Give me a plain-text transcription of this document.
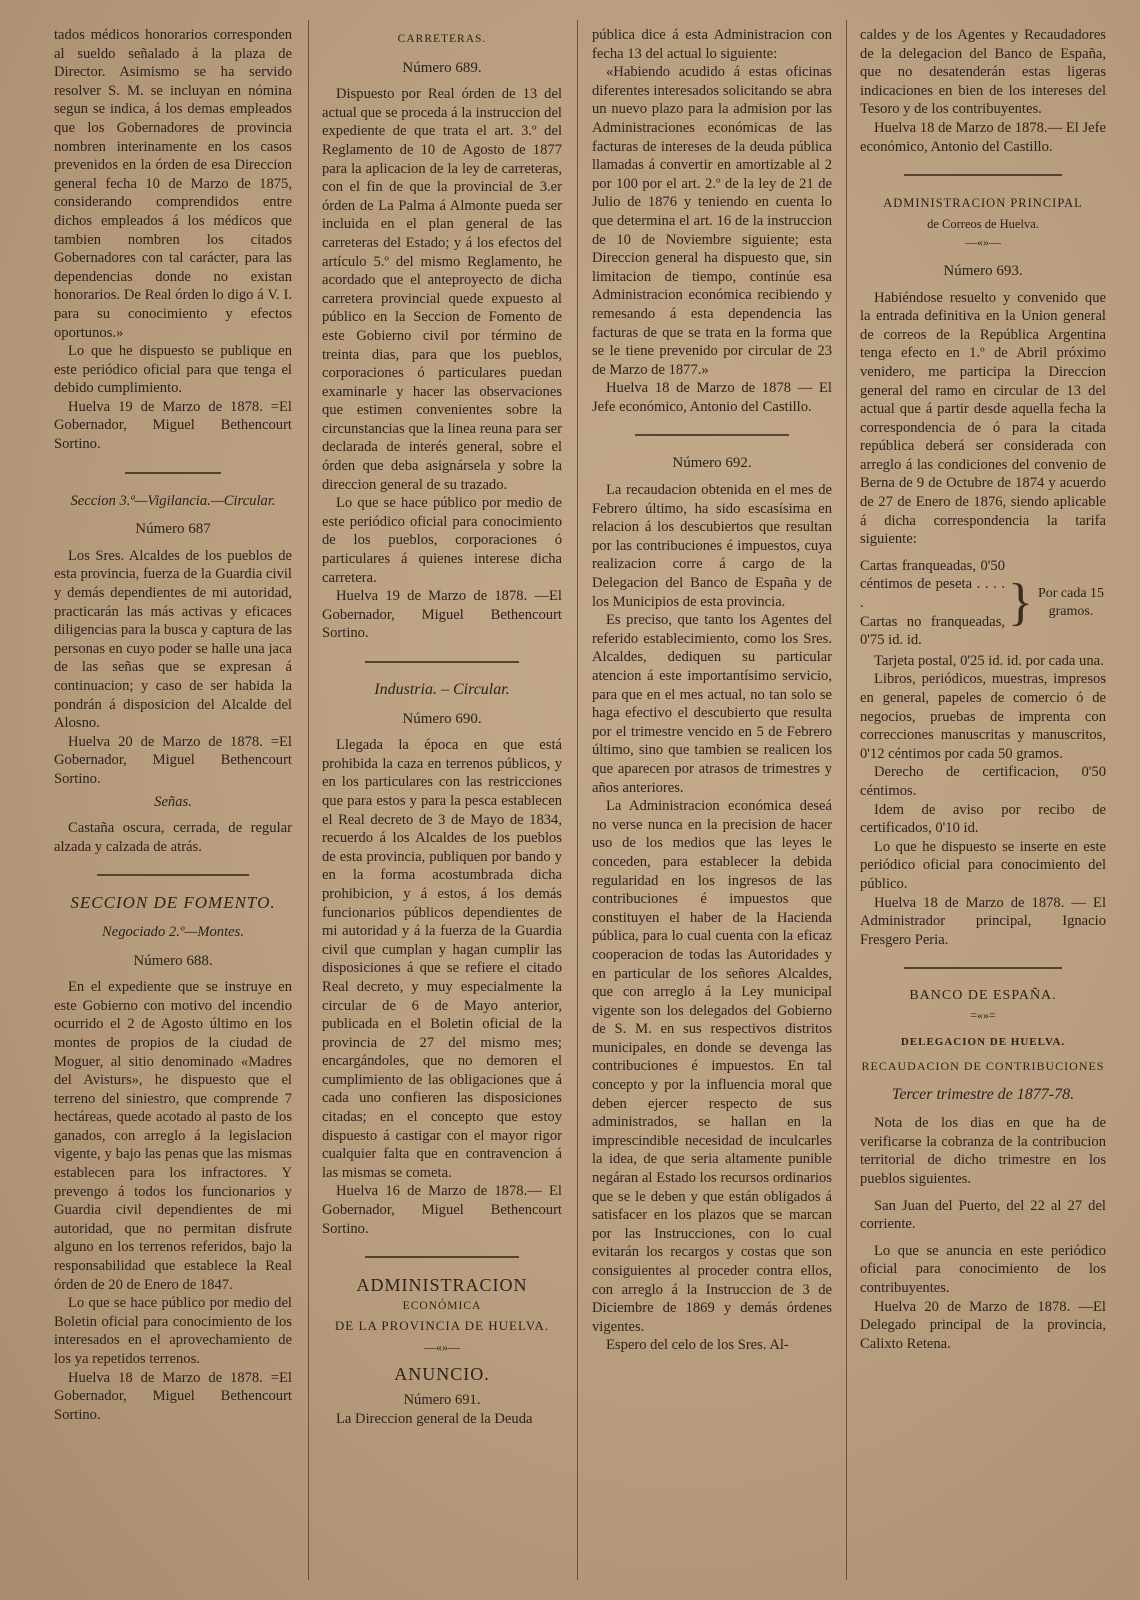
tados médicos honorarios corresponden al sueldo señalado á la plaza de Director. Asimismo se ha servido resolver S. M. se incluyan en nómina segun se indica, á los demas empleados que los Gobernadores de provincia nombren interinamente en los casos prevenidos en la órden de esa Direccion general fecha 10 de Marzo de 1875, considerando comprendidos entre dichos empleados á los médicos que tambien nombren los citados Gobernadores con tal carácter, para las dependencias donde no existan honorarios. De Real órden lo digo á V. I. para su conocimiento y efectos oportunos.»

Lo que he dispuesto se publique en este periódico oficial para que tenga el debido cumplimiento.

Huelva 19 de Marzo de 1878. =El Gobernador, Miguel Bethencourt Sortino.

Seccion 3.ª—Vigilancia.—Circular.
Número 687

Los Sres. Alcaldes de los pueblos de esta provincia, fuerza de la Guardia civil y demás dependientes de mi autoridad, practicarán las más activas y eficaces diligencias para la busca y captura de las personas en cuyo poder se halle una jaca de las señas que se expresan á continuacion; y caso de ser habida la pondrán á disposicion del Alcalde del Alosno.

Huelva 20 de Marzo de 1878. =El Gobernador, Miguel Bethencourt Sortino.

Señas.

Castaña oscura, cerrada, de regular alzada y calzada de atrás.

SECCION DE FOMENTO.
Negociado 2.º—Montes.
Número 688.

En el expediente que se instruye en este Gobierno con motivo del incendio ocurrido el 2 de Agosto último en los montes de propios de la ciudad de Moguer, al sitio denominado «Madres del Avisturs», he dispuesto que el terreno del siniestro, que comprende 7 hectáreas, quede acotado al pasto de los ganados, con arreglo á la legislacion vigente, y bajo las penas que las mismas establecen para los infractores. Y prevengo á todos los funcionarios y Guardia civil dependientes de mi autoridad, que no permitan disfrute alguno en los terrenos referidos, bajo la responsabilidad que establece la Real órden de 20 de Enero de 1847.

Lo que se hace público por medio del Boletin oficial para conocimiento de los interesados en el aprovechamiento de los ya repetidos terrenos.

Huelva 18 de Marzo de 1878. =El Gobernador, Miguel Bethencourt Sortino.

CARRETERAS.
Número 689.

Dispuesto por Real órden de 13 del actual que se proceda á la instruccion del expediente de que trata el art. 3.º del Reglamento de 10 de Agosto de 1877 para la aplicacion de la ley de carreteras, con el fin de que la provincial de 3.er órden de La Palma á Almonte pueda ser incluida en el plan general de las carreteras del Estado; y á los efectos del artículo 5.º del mismo Reglamento, he acordado que el anteproyecto de dicha carretera provincial quede expuesto al público en la Seccion de Fomento de este Gobierno civil por término de treinta dias, para que los pueblos, corporaciones ó particulares puedan examinarle y hacer las observaciones que estimen convenientes sobre la circunstancias que la linea reuna para ser declarada de interés general, sobre el órden que deba asignársela y sobre la direccion general de su trazado.

Lo que se hace público por medio de este periódico oficial para conocimiento de los pueblos, corporaciones ó particulares á quienes interese dicha carretera.

Huelva 19 de Marzo de 1878. —El Gobernador, Miguel Bethencourt Sortino.

Industria. – Circular.
Número 690.

Llegada la época en que está prohibida la caza en terrenos públicos, y en los particulares con las restricciones que para estos y para la pesca establecen el Real decreto de 3 de Mayo de 1834, recuerdo á los Alcaldes de los pueblos de esta provincia, publiquen por bando y en la forma acostumbrada dicha prohibicion, y á estos, á los demás funcionarios públicos dependientes de mi autoridad y á la fuerza de la Guardia civil que cumplan y hagan cumplir las disposiciones á que se refiere el citado Real decreto, y muy especialmente la circular de 6 de Mayo anterior, publicada en el Boletin oficial de la provincia de 27 del mismo mes; encargándoles, que no demoren el cumplimiento de las obligaciones que á cada uno confieren las disposiciones citadas; en el concepto que estoy dispuesto á castigar con el mayor rigor cualquier falta que en contravencion á las mismas se cometa.

Huelva 16 de Marzo de 1878.— El Gobernador, Miguel Bethencourt Sortino.

ADMINISTRACION
ECONÓMICA
DE LA PROVINCIA DE HUELVA.
—«»—
ANUNCIO.
Número 691.

La Direccion general de la Deuda

pública dice á esta Administracion con fecha 13 del actual lo siguiente:

«Habiendo acudido á estas oficinas diferentes interesados solicitando se abra un nuevo plazo para la admision por las Administraciones económicas de las facturas de intereses de la deuda pública llamadas á convertir en amortizable al 2 por 100 por el art. 2.º de la ley de 21 de Julio de 1876 y teniendo en cuenta lo que determina el art. 16 de la instruccion de 10 de Noviembre siguiente; esta Direccion general ha dispuesto que, sin limitacion de tiempo, continúe esa Administracion económica recibiendo y remesando á esta dependencia las facturas de que se trata en la forma que se le tiene prevenido por circular de 23 de Marzo de 1877.»

Huelva 18 de Marzo de 1878 — El Jefe económico, Antonio del Castillo.

Número 692.

La recaudacion obtenida en el mes de Febrero último, ha sido escasísima en relacion á los descubiertos que resultan por las contribuciones é impuestos, cuya realizacion corre á cargo de la Delegacion del Banco de España y de los Municipios de esta provincia.

Es preciso, que tanto los Agentes del referido establecimiento, como los Sres. Alcaldes, dediquen su particular atencion á este importantísimo servicio, para que en el mes actual, no tan solo se haga efectivo el descubierto que resulta por el trimestre vencido en 5 de Febrero último, sino que tambien se realicen los que aparecen por atrasos de trimestres y años anteriores.

La Administracion económica deseá no verse nunca en la precision de hacer uso de los medios que las leyes le conceden, para establecer la debida regularidad en los ingresos de las contribuciones é impuestos que constituyen el haber de la Hacienda pública, para lo cual cuenta con la eficaz cooperacion de todas las Autoridades y en particular de los señores Alcaldes, que con arreglo á la Ley municipal vigente son los delegados del Gobierno de S. M. en sus respectivos distritos municipales, en donde se devenga las contribuciones é impuestos. En tal concepto y por la influencia moral que deben ejercer respecto de sus administrados, se hallan en la imprescindible necesidad de inculcarles la idea, de que seria altamente punible negáran al Estado los recursos ordinarios que se le deben y que están obligados á satisfacer en los plazos que se marcan por las Instrucciones, con lo cual evitarán los recargos y costas que son consiguientes al proceder contra ellos, con arreglo á la Instruccion de 3 de Diciembre de 1869 y demás órdenes vigentes.

Espero del celo de los Sres. Al-

caldes y de los Agentes y Recaudadores de la delegacion del Banco de España, que no desatenderán estas ligeras indicaciones en bien de los intereses del Tesoro y de los contribuyentes.

Huelva 18 de Marzo de 1878.— El Jefe económico, Antonio del Castillo.

ADMINISTRACION PRINCIPAL
de Correos de Huelva.
—«»—
Número 693.

Habiéndose resuelto y convenido que la entrada definitiva en la Union general de correos de la República Argentina tenga efecto en 1.º de Abril próximo venidero, me participa la Direccion general del ramo en circular de 13 del actual que á partir desde aquella fecha la correspondencia de ó para la citada república deberá ser considerada con arreglo á las condiciones del convenio de Berna de 9 de Octubre de 1874 y acuerdo de 27 de Enero de 1876, siendo aplicable á dicha correspondencia la tarifa siguiente:

Cartas franqueadas, 0'50 céntimos de peseta . . . . .
Cartas no franqueadas, 0'75 id. id.
} Por cada 15 gramos.

Tarjeta postal, 0'25 id. id. por cada una.

Libros, periódicos, muestras, impresos en general, papeles de comercio ó de negocios, pruebas de imprenta con correcciones manuscritas y manuscritos, 0'12 céntimos por cada 50 gramos.

Derecho de certificacion, 0'50 céntimos.

Idem de aviso por recibo de certificados, 0'10 id.

Lo que he dispuesto se inserte en este periódico oficial para conocimiento del público.

Huelva 18 de Marzo de 1878. — El Administrador principal, Ignacio Fresgero Peria.

BANCO DE ESPAÑA.
=«»=
DELEGACION DE HUELVA.
RECAUDACION DE CONTRIBUCIONES
Tercer trimestre de 1877-78.

Nota de los dias en que ha de verificarse la cobranza de la contribucion territorial de dicho trimestre en los pueblos siguientes.

San Juan del Puerto, del 22 al 27 del corriente.

Lo que se anuncia en este periódico oficial para conocimiento de los contribuyentes.

Huelva 20 de Marzo de 1878. —El Delegado principal de la provincia, Calixto Retena.
